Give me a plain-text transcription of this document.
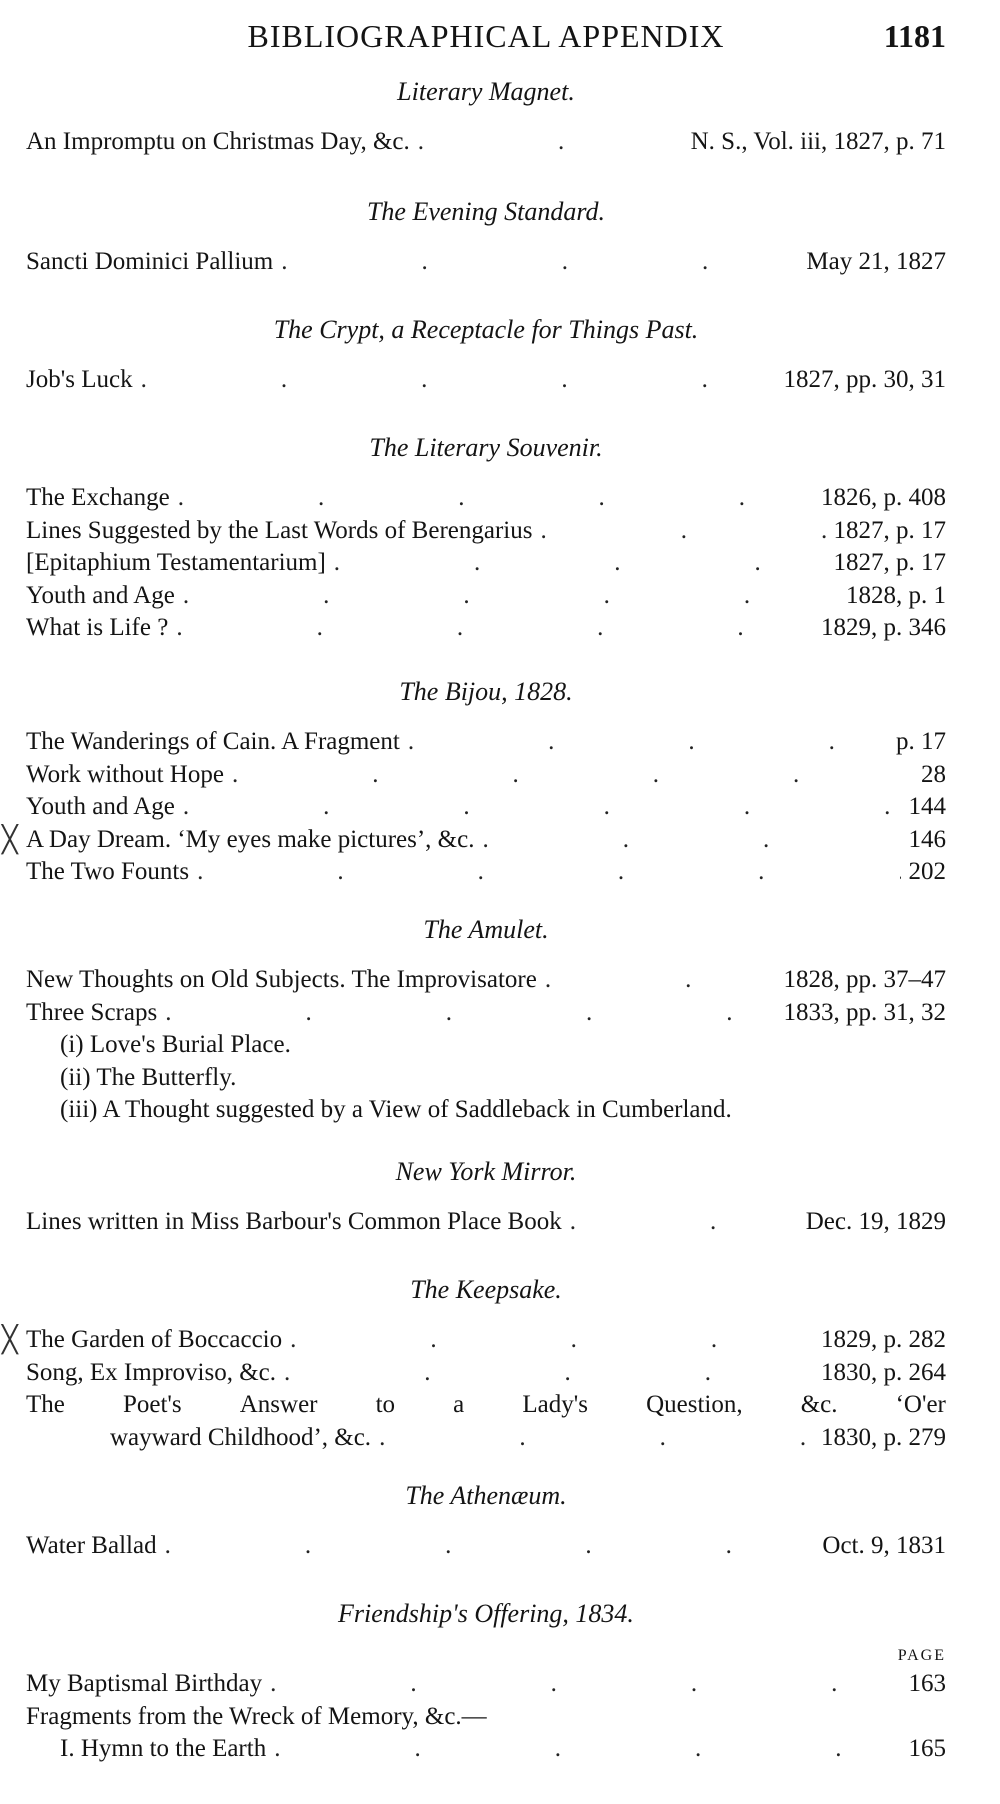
BIBLIOGRAPHICAL APPENDIX	1181
Literary Magnet.
An Impromptu on Christmas Day, &c. .	N. S., Vol. iii, 1827, p. 71
The Evening Standard.
Sancti Dominici Pallium .	May 21, 1827
The Crypt, a Receptacle for Things Past.
Job's Luck .	1827, pp. 30, 31
The Literary Souvenir.
The Exchange .	1826, p. 408
Lines Suggested by the Last Words of Berengarius .	1827, p. 17
[Epitaphium Testamentarium] .	1827, p. 17
Youth and Age .	1828, p. 1
What is Life ? .	1829, p. 346
The Bijou, 1828.
The Wanderings of Cain. A Fragment .	p. 17
Work without Hope .	28
Youth and Age .	144
╳ A Day Dream. ‘My eyes make pictures’, &c. .	146
The Two Founts .	202
The Amulet.
New Thoughts on Old Subjects. The Improvisatore .	1828, pp. 37–47
Three Scraps .	1833, pp. 31, 32
(i) Love's Burial Place.
(ii) The Butterfly.
(iii) A Thought suggested by a View of Saddleback in Cumberland.
New York Mirror.
Lines written in Miss Barbour's Common Place Book .	Dec. 19, 1829
The Keepsake.
╳ The Garden of Boccaccio .	1829, p. 282
Song, Ex Improviso, &c. .	1830, p. 264
The Poet's Answer to a Lady's Question, &c. ‘O'er
wayward Childhood’, &c. .	1830, p. 279
The Athenæum.
Water Ballad .	Oct. 9, 1831
Friendship's Offering, 1834.
PAGE
My Baptismal Birthday .	163
Fragments from the Wreck of Memory, &c.—
I. Hymn to the Earth .	165
